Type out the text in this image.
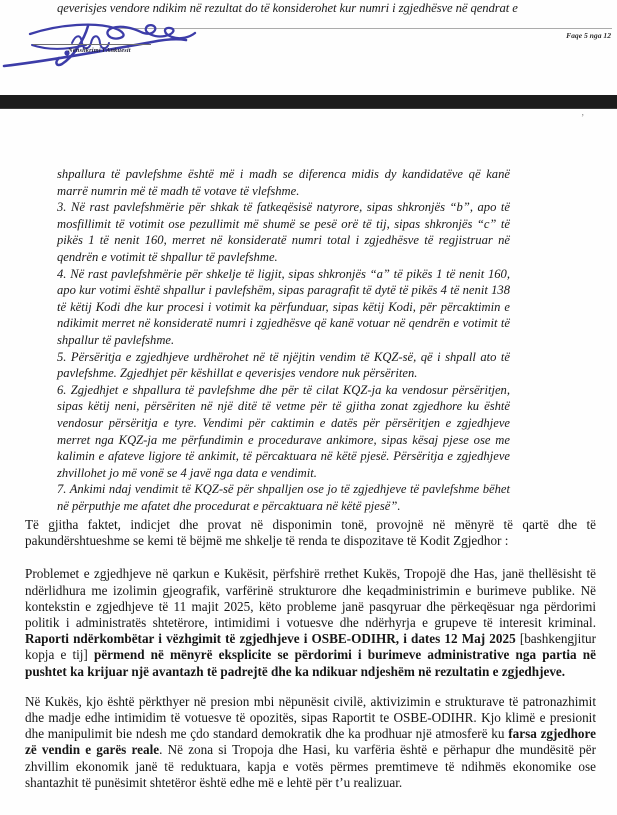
qeverisjes vendore ndikim në rezultat do të konsiderohet kur numri i zgjedhësve në qendrat e
Faqe 5 nga 12
Nënshkrimi i Ankuesit
’

shpallura të pavlefshme është më i madh se diferenca midis dy kandidatëve që kanë marrë numrin më të madh të votave të vlefshme.

3. Në rast pavlefshmërie për shkak të fatkeqësisë natyrore, sipas shkronjës “b”, apo të mosfillimit të votimit ose pezullimit më shumë se pesë orë të tij, sipas shkronjës “c” të pikës 1 të nenit 160, merret në konsideratë numri total i zgjedhësve të regjistruar në qendrën e votimit të shpallur të pavlefshme.

4. Në rast pavlefshmërie për shkelje të ligjit, sipas shkronjës “a” të pikës 1 të nenit 160, apo kur votimi është shpallur i pavlefshëm, sipas paragrafit të dytë të pikës 4 të nenit 138 të këtij Kodi dhe kur procesi i votimit ka përfunduar, sipas këtij Kodi, për përcaktimin e ndikimit merret në konsideratë numri i zgjedhësve që kanë votuar në qendrën e votimit të shpallur të pavlefshme.

5. Përsëritja e zgjedhjeve urdhërohet në të njëjtin vendim të KQZ-së, që i shpall ato të pavlefshme. Zgjedhjet për këshillat e qeverisjes vendore nuk përsëriten.

6. Zgjedhjet e shpallura të pavlefshme dhe për të cilat KQZ-ja ka vendosur përsëritjen, sipas këtij neni, përsëriten në një ditë të vetme për të gjitha zonat zgjedhore ku është vendosur përsëritja e tyre. Vendimi për caktimin e datës për përsëritjen e zgjedhjeve merret nga KQZ-ja me përfundimin e procedurave ankimore, sipas kësaj pjese ose me kalimin e afateve ligjore të ankimit, të përcaktuara në këtë pjesë. Përsëritja e zgjedhjeve zhvillohet jo më vonë se 4 javë nga data e vendimit.

7. Ankimi ndaj vendimit të KQZ-së për shpalljen ose jo të zgjedhjeve të pavlefshme bëhet në përputhje me afatet dhe procedurat e përcaktuara në këtë pjesë”.

Të gjitha faktet, indicjet dhe provat në disponimin tonë, provojnë në mënyrë të qartë dhe të pakundërshtueshme se kemi të bëjmë me shkelje të renda te dispozitave të Kodit Zgjedhor :

Problemet e zgjedhjeve në qarkun e Kukësit, përfshirë rrethet Kukës, Tropojë dhe Has, janë thellësisht të ndërlidhura me izolimin gjeografik, varfërinë strukturore dhe keqadministrimin e burimeve publike. Në kontekstin e zgjedhjeve të 11 majit 2025, këto probleme janë pasqyruar dhe përkeqësuar nga përdorimi politik i administratës shtetërore, intimidimi i votuesve dhe ndërhyrja e grupeve të interesit kriminal. Raporti ndërkombëtar i vëzhgimit të zgjedhjeve i OSBE-ODIHR, i dates 12 Maj 2025 [bashkengjitur kopja e tij] përmend në mënyrë eksplicite se përdorimi i burimeve administrative nga partia në pushtet ka krijuar një avantazh të padrejtë dhe ka ndikuar ndjeshëm në rezultatin e zgjedhjeve.

Në Kukës, kjo është përkthyer në presion mbi nëpunësit civilë, aktivizimin e strukturave të patronazhimit dhe madje edhe intimidim të votuesve të opozitës, sipas Raportit te OSBE-ODIHR. Kjo klimë e presionit dhe manipulimit bie ndesh me çdo standard demokratik dhe ka prodhuar një atmosferë ku farsa zgjedhore zë vendin e garës reale. Në zona si Tropoja dhe Hasi, ku varfëria është e përhapur dhe mundësitë për zhvillim ekonomik janë të reduktuara, kapja e votës përmes premtimeve të ndihmës ekonomike ose shantazhit të punësimit shtetëror është edhe më e lehtë për t’u realizuar.
